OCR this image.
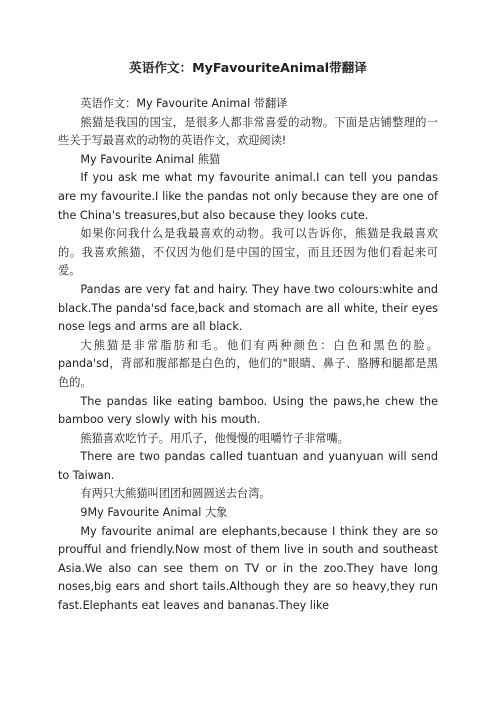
英语作文：MyFavouriteAnimal带翻译

英语作文：My Favourite Animal 带翻译

熊猫是我国的国宝，是很多人都非常喜爱的动物。下面是店铺整理的一些关于写最喜欢的动物的英语作文，欢迎阅读!

My Favourite Animal 熊猫

If you ask me what my favourite animal.I can tell you pandas are my favourite.I like the pandas not only because they are one of the China's treasures,but also because they looks cute.

如果你问我什么是我最喜欢的动物。我可以告诉你，熊猫是我最喜欢的。我喜欢熊猫，不仅因为他们是中国的国宝，而且还因为他们看起来可爱。

Pandas are very fat and hairy. They have two colours:white and black.The panda'sd face,back and stomach are all white, their eyes nose legs and arms are all black.

大熊猫是非常脂肪和毛。他们有两种颜色：白色和黑色的脸。panda'sd，背部和腹部都是白色的，他们的"眼睛、鼻子、胳膊和腿都是黑色的。

The pandas like eating bamboo. Using the paws,he chew the bamboo very slowly with his mouth.

熊猫喜欢吃竹子。用爪子，他慢慢的咀嚼竹子非常嘴。

There are two pandas called tuantuan and yuanyuan will send to Taiwan.

有两只大熊猫叫团团和圆圆送去台湾。

9My Favourite Animal 大象

My favourite animal are elephants,because I think they are so proufful and friendly.Now most of them live in south and southeast Asia.We also can see them on TV or in the zoo.They have long noses,big ears and short tails.Although they are so heavy,they run fast.Elephants eat leaves and bananas.They like
